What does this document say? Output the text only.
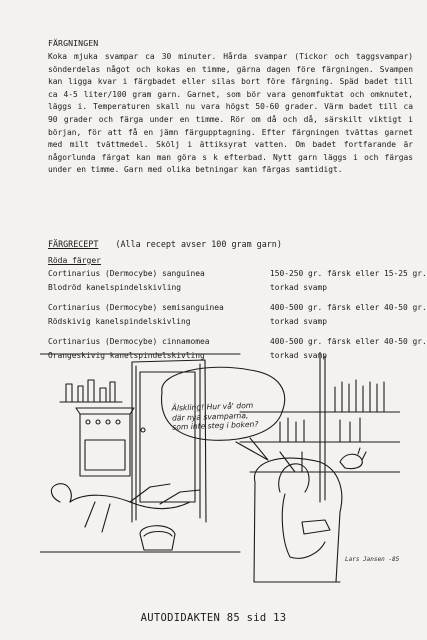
FÄRGNINGEN

Koka mjuka svampar ca 30 minuter. Hårda svampar (Tickor och taggsvampar) sönderdelas något och kokas en timme, gärna dagen före färgningen. Svampen kan ligga kvar i färgbadet eller silas bort före färgning. Späd badet till ca 4-5 liter/100 gram garn. Garnet, som bör vara genomfuktat och omknutet, läggs i. Temperaturen skall nu vara högst 50-60 grader. Värm badet till ca 90 grader och färga under en timme. Rör om då och då, särskilt viktigt i början, för att få en jämn färgupptagning. Efter färgningen tvättas garnet med milt tvättmedel. Skölj i ättiksyrat vatten. Om badet fortfarande är någorlunda färgat kan man göra s k efterbad. Nytt garn läggs i och färgas under en timme. Garn med olika betningar kan färgas samtidigt.

FÄRGRECEPT (Alla recept avser 100 gram garn)
Röda färger
Cortinarius (Dermocybe) sanguinea	150-250 gr. färsk eller 15-25 gr.
Blodröd kanelspindelskivling	torkad svamp
Cortinarius (Dermocybe) semisanguinea	400-500 gr. färsk eller 40-50 gr.
Rödskivig kanelspindelskivling	torkad svamp
Cortinarius (Dermocybe) cinnamomea	400-500 gr. färsk eller 40-50 gr.
Orangeskivig kanelspindelskivling	torkad svamp
Älskling! Hur vå' dom där nya svamparna, som inte steg i boken?
Lars Jansen -85
AUTODIDAKTEN 85 sid 13
